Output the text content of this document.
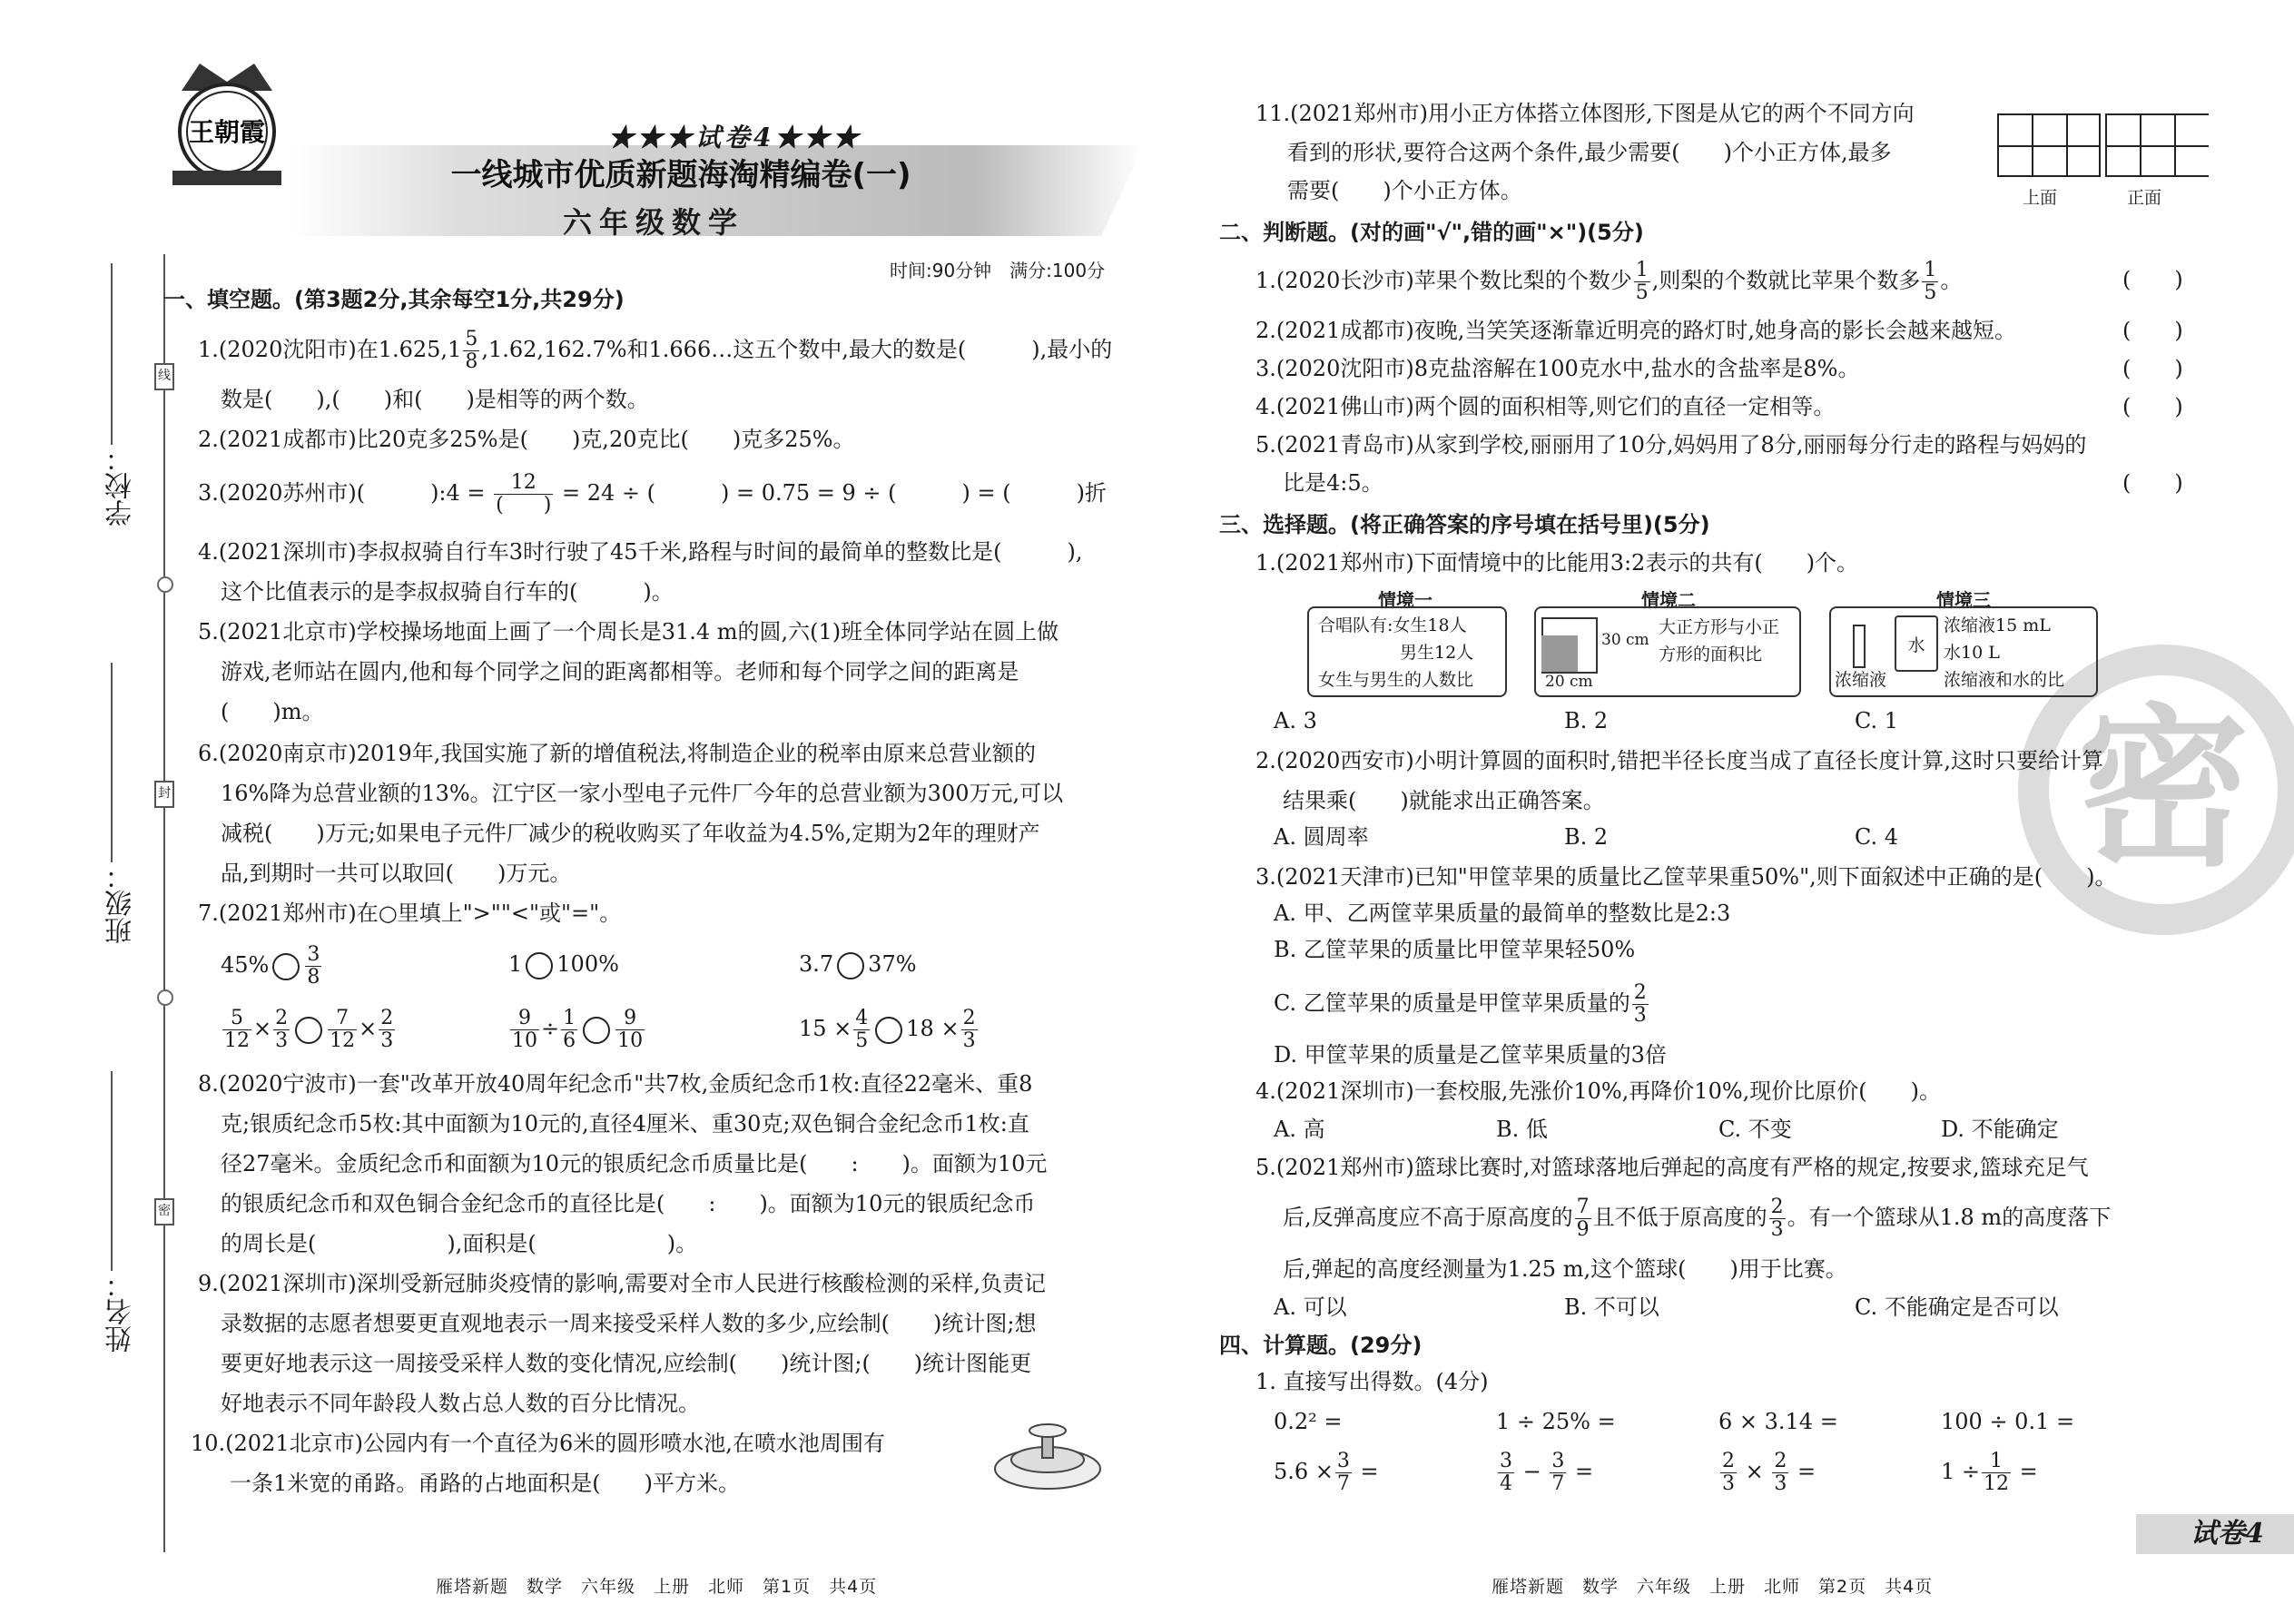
线
封
密
学校：
班级：
姓名：
王朝霞	★★★试卷4★★★
一线城市优质新题海淘精编卷(一)
六年级数学
时间:90分钟　满分:100分
一、填空题。(第3题2分,其余每空1分,共29分)
1.(2020沈阳市)在$1.625,1 \frac{5}{8} ,1.62,162.7\%$和1.666…这五个数中,最大的数是(　　　),最小的
数是(　　),(　　)和(　　)是相等的两个数。
2.(2021成都市)比20克多25%是(　　)克,20克比(　　)克多25%。
3.(2020苏州市)(　　　):4 = $\frac{12}{( )} = 24$ ÷ (　　　) = 0.75 = 9 ÷ (　　　) = (　　　)折
4.(2021深圳市)李叔叔骑自行车3时行驶了45千米,路程与时间的最简单的整数比是(　　　),
这个比值表示的是李叔叔骑自行车的(　　　)。
5.(2021北京市)学校操场地面上画了一个周长是31.4 m的圆,六(1)班全体同学站在圆上做
游戏,老师站在圆内,他和每个同学之间的距离都相等。老师和每个同学之间的距离是
(　　)m。
6.(2020南京市)2019年,我国实施了新的增值税法,将制造企业的税率由原来总营业额的
16%降为总营业额的13%。江宁区一家小型电子元件厂今年的总营业额为300万元,可以
减税(　　)万元;如果电子元件厂减少的税收购买了年收益为4.5%,定期为2年的理财产
品,到期时一共可以取回(　　)万元。
7.(2021郑州市)在○里填上">""<"或"="。
$45\% \frac{3}{8}$	1 100%	3.7 37%
$\frac{5}{12} \times \frac{2}{3} \frac{7}{12} \times \frac{2}{3}$	$\frac{9}{10} \div \frac{1}{6} \frac{9}{10}$	$15 \times \frac{4}{5} 18 \times \frac{2}{3}$
8.(2020宁波市)一套"改革开放40周年纪念币"共7枚,金质纪念币1枚:直径22毫米、重8
克;银质纪念币5枚:其中面额为10元的,直径4厘米、重30克;双色铜合金纪念币1枚:直
径27毫米。金质纪念币和面额为10元的银质纪念币质量比是(　　:　　)。面额为10元
的银质纪念币和双色铜合金纪念币的直径比是(　　:　　)。面额为10元的银质纪念币
的周长是(　　　　　　),面积是(　　　　　　)。
9.(2021深圳市)深圳受新冠肺炎疫情的影响,需要对全市人民进行核酸检测的采样,负责记
录数据的志愿者想要更直观地表示一周来接受采样人数的多少,应绘制(　　)统计图;想
要更好地表示这一周接受采样人数的变化情况,应绘制(　　)统计图;(　　)统计图能更
好地表示不同年龄段人数占总人数的百分比情况。
10.(2021北京市)公园内有一个直径为6米的圆形喷水池,在喷水池周围有
一条1米宽的甬路。甬路的占地面积是(　　)平方米。
雁塔新题　数学　六年级　上册　北师　第1页　共4页
密
11.(2021郑州市)用小正方体搭立体图形,下图是从它的两个不同方向
看到的形状,要符合这两个条件,最少需要(　　)个小正方体,最多
需要(　　)个小正方体。	上面	正面
二、判断题。(对的画"√",错的画"×")(5分)
1.(2020长沙市)苹果个数比梨的个数少 $\frac{1}{5}$ ,则梨的个数就比苹果个数多 $\frac{1}{5}$ 。	(　　)
2.(2021成都市)夜晚,当笑笑逐渐靠近明亮的路灯时,她身高的影长会越来越短。	(　　)
3.(2020沈阳市)8克盐溶解在100克水中,盐水的含盐率是8%。	(　　)
4.(2021佛山市)两个圆的面积相等,则它们的直径一定相等。	(　　)
5.(2021青岛市)从家到学校,丽丽用了10分,妈妈用了8分,丽丽每分行走的路程与妈妈的
比是4:5。	(　　)
三、选择题。(将正确答案的序号填在括号里)(5分)
1.(2021郑州市)下面情境中的比能用3:2表示的共有(　　)个。
情境一
合唱队有:女生18人
男生12人
女生与男生的人数比
情境二
30 cm
20 cm
大正方形与小正
方形的面积比
情境三
水
浓缩液15 mL
水10 L
浓缩液	浓缩液和水的比
A. 3	B. 2	C. 1
2.(2020西安市)小明计算圆的面积时,错把半径长度当成了直径长度计算,这时只要给计算
结果乘(　　)就能求出正确答案。
A. 圆周率	B. 2	C. 4
3.(2021天津市)已知"甲筐苹果的质量比乙筐苹果重50%",则下面叙述中正确的是(　　)。
A. 甲、乙两筐苹果质量的最简单的整数比是2:3
B. 乙筐苹果的质量比甲筐苹果轻50%
C. 乙筐苹果的质量是甲筐苹果质量的 $\frac{2}{3}$
D. 甲筐苹果的质量是乙筐苹果质量的3倍
4.(2021深圳市)一套校服,先涨价10%,再降价10%,现价比原价(　　)。
A. 高	B. 低	C. 不变	D. 不能确定
5.(2021郑州市)篮球比赛时,对篮球落地后弹起的高度有严格的规定,按要求,篮球充足气
后,反弹高度应不高于原高度的 $\frac{7}{9}$ 且不低于原高度的 $\frac{2}{3}$ 。有一个篮球从1.8 m的高度落下
后,弹起的高度经测量为1.25 m,这个篮球(　　)用于比赛。
A. 可以	B. 不可以	C. 不能确定是否可以
四、计算题。(29分)
1. 直接写出得数。(4分)
0.2² =	1 ÷ 25% =	6 × 3.14 =	100 ÷ 0.1 =
$5.6 \times \frac{3}{7}$ =	$\frac{3}{4} - \frac{3}{7}$ =	$\frac{2}{3} \times \frac{2}{3}$ =	$1 \div \frac{1}{12}$ =
雁塔新题　数学　六年级　上册　北师　第2页　共4页
试卷4
